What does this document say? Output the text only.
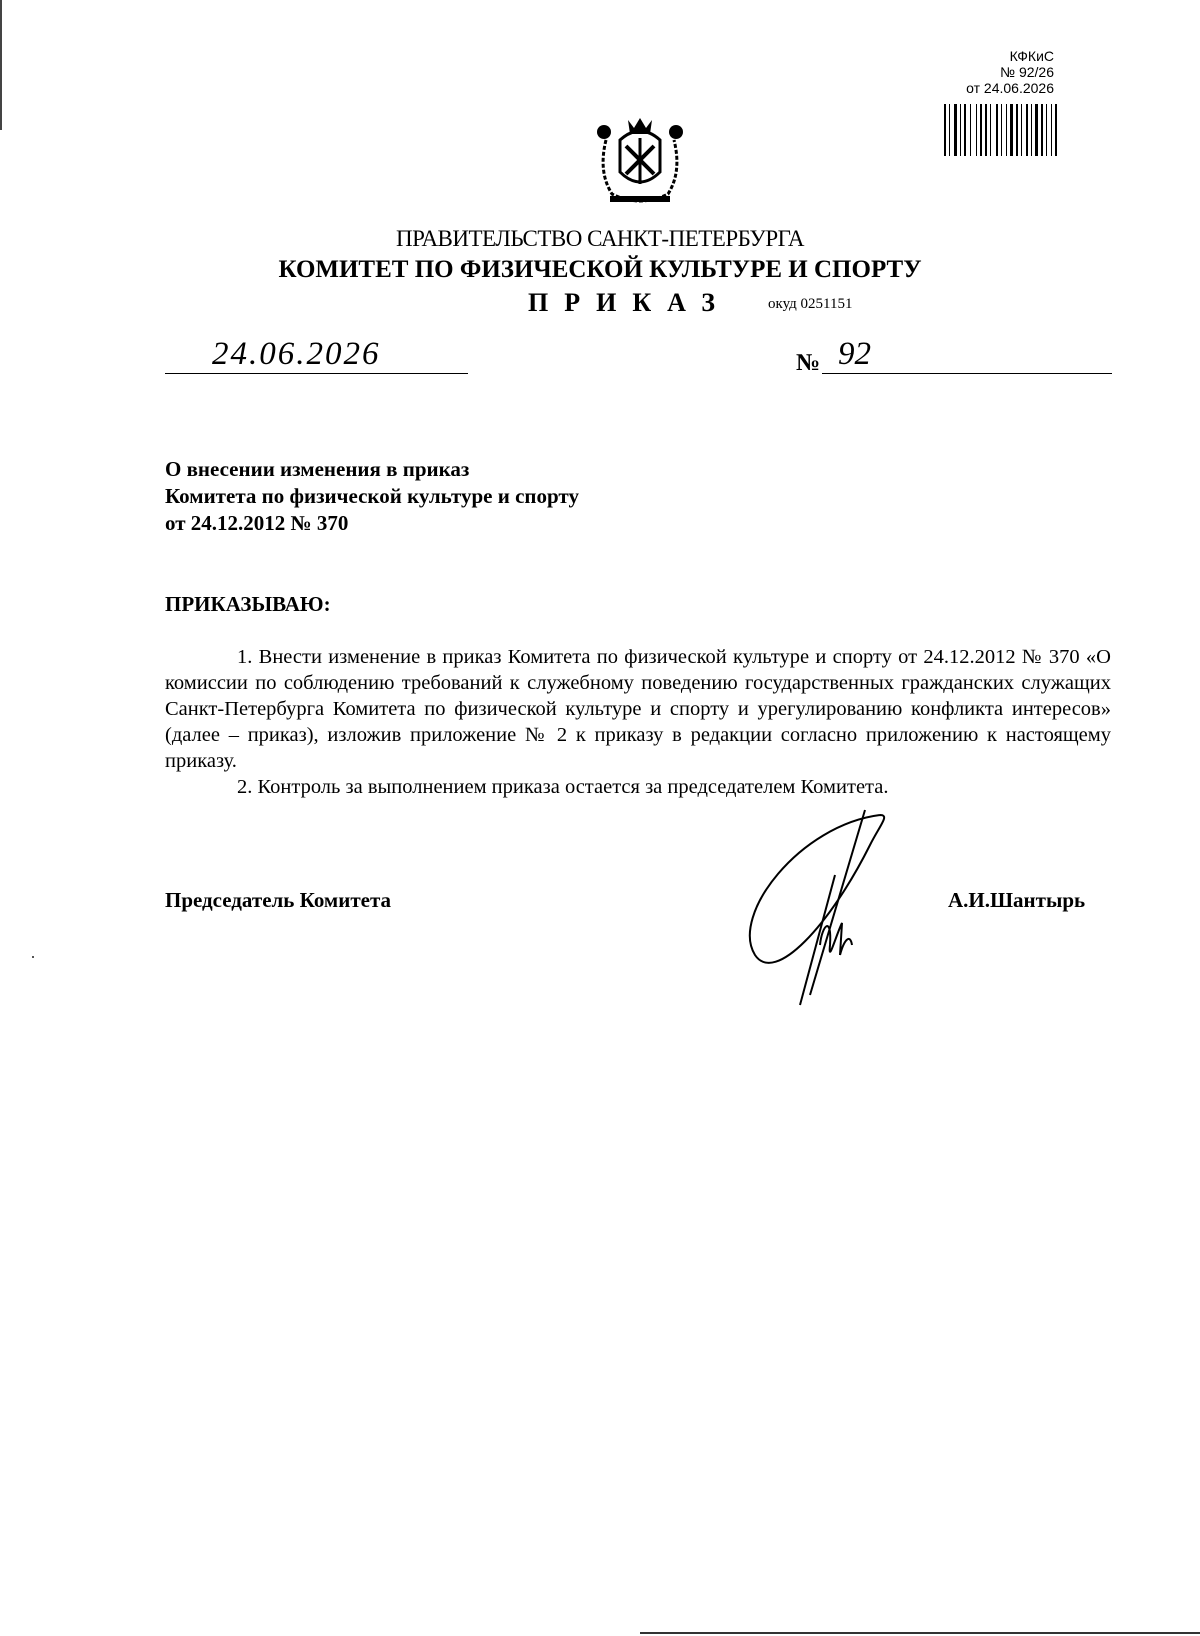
КФКиС
№ 92/26
от 24.06.2026
ПРАВИТЕЛЬСТВО САНКТ-ПЕТЕРБУРГА
КОМИТЕТ ПО ФИЗИЧЕСКОЙ КУЛЬТУРЕ И СПОРТУ
ПРИКАЗ окуд 0251151
24.06.2026	№ 92
О внесении изменения в приказ
Комитета по физической культуре и спорту
от 24.12.2012 № 370
ПРИКАЗЫВАЮ:

1. Внести изменение в приказ Комитета по физической культуре и спорту от 24.12.2012 № 370 «О комиссии по соблюдению требований к служебному поведению государственных гражданских служащих Санкт-Петербурга Комитета по физической культуре и спорту и урегулированию конфликта интересов» (далее – приказ), изложив приложение № 2 к приказу в редакции согласно приложению к настоящему приказу.

2. Контроль за выполнением приказа остается за председателем Комитета.

Председатель Комитета	А.И.Шантырь
